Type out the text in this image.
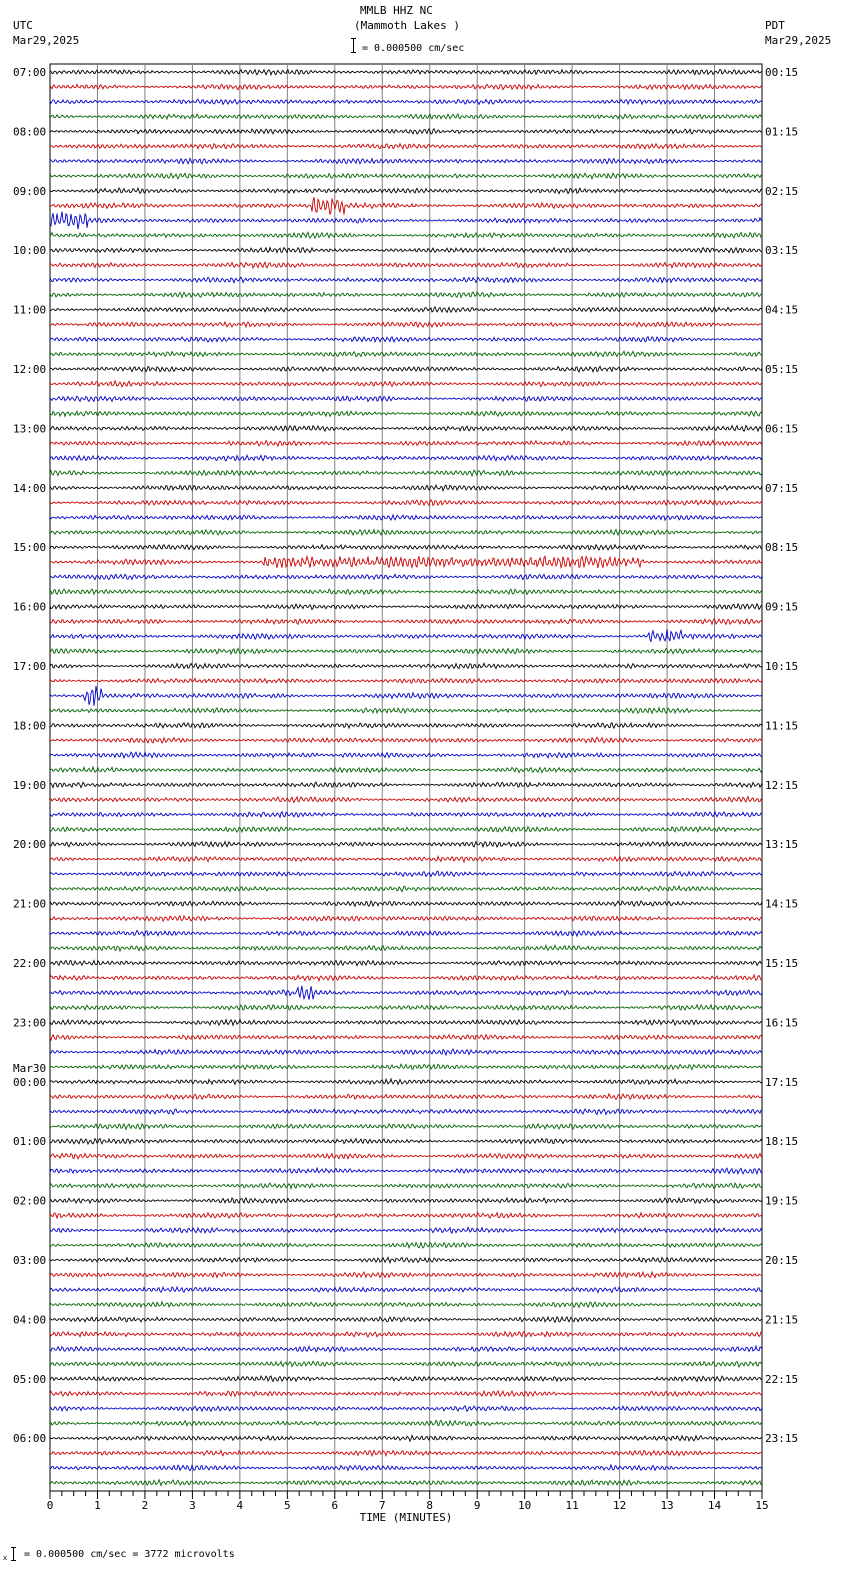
MMLB HHZ NC
(Mammoth Lakes )
UTC
Mar29,2025
PDT
Mar29,2025
= 0.000500 cm/sec
07:00
08:00
09:00
10:00
11:00
12:00
13:00
14:00
15:00
16:00
17:00
18:00
19:00
20:00
21:00
22:00
23:00
00:00
01:00
02:00
03:00
04:00
05:00
06:00
00:15
01:15
02:15
03:15
04:15
05:15
06:15
07:15
08:15
09:15
10:15
11:15
12:15
13:15
14:15
15:15
16:15
17:15
18:15
19:15
20:15
21:15
22:15
23:15
Mar30
0	1	2	3	4	5	6	7	8	9	10	11	12	13	14	15
TIME (MINUTES)
x = 0.000500 cm/sec = 3772 microvolts
